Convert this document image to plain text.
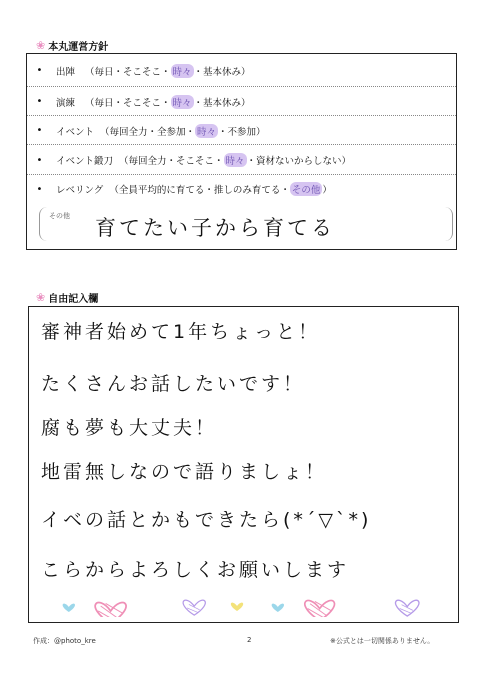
❀ 本丸運営方針
• 出陣 （毎日・そこそこ・ 時々 ・基本休み）
• 演練 （毎日・そこそこ・ 時々 ・基本休み）
• イベント （毎回全力・全参加・ 時々 ・不参加）
• イベント鍛刀 （毎回全力・そこそこ・ 時々 ・資材ないからしない）
• レベリング （全員平均的に育てる・推しのみ育てる・ その他 ）
その他 育てたい子から育てる
❀ 自由記入欄
審神者始めて1年ちょっと！
たくさんお話したいです！
腐も夢も大丈夫！
地雷無しなので語りましょ！
イベの話とかもできたら(*´▽`*)
こらからよろしくお願いします
作成：@photo_kre	2	※公式とは一切関係ありません。
